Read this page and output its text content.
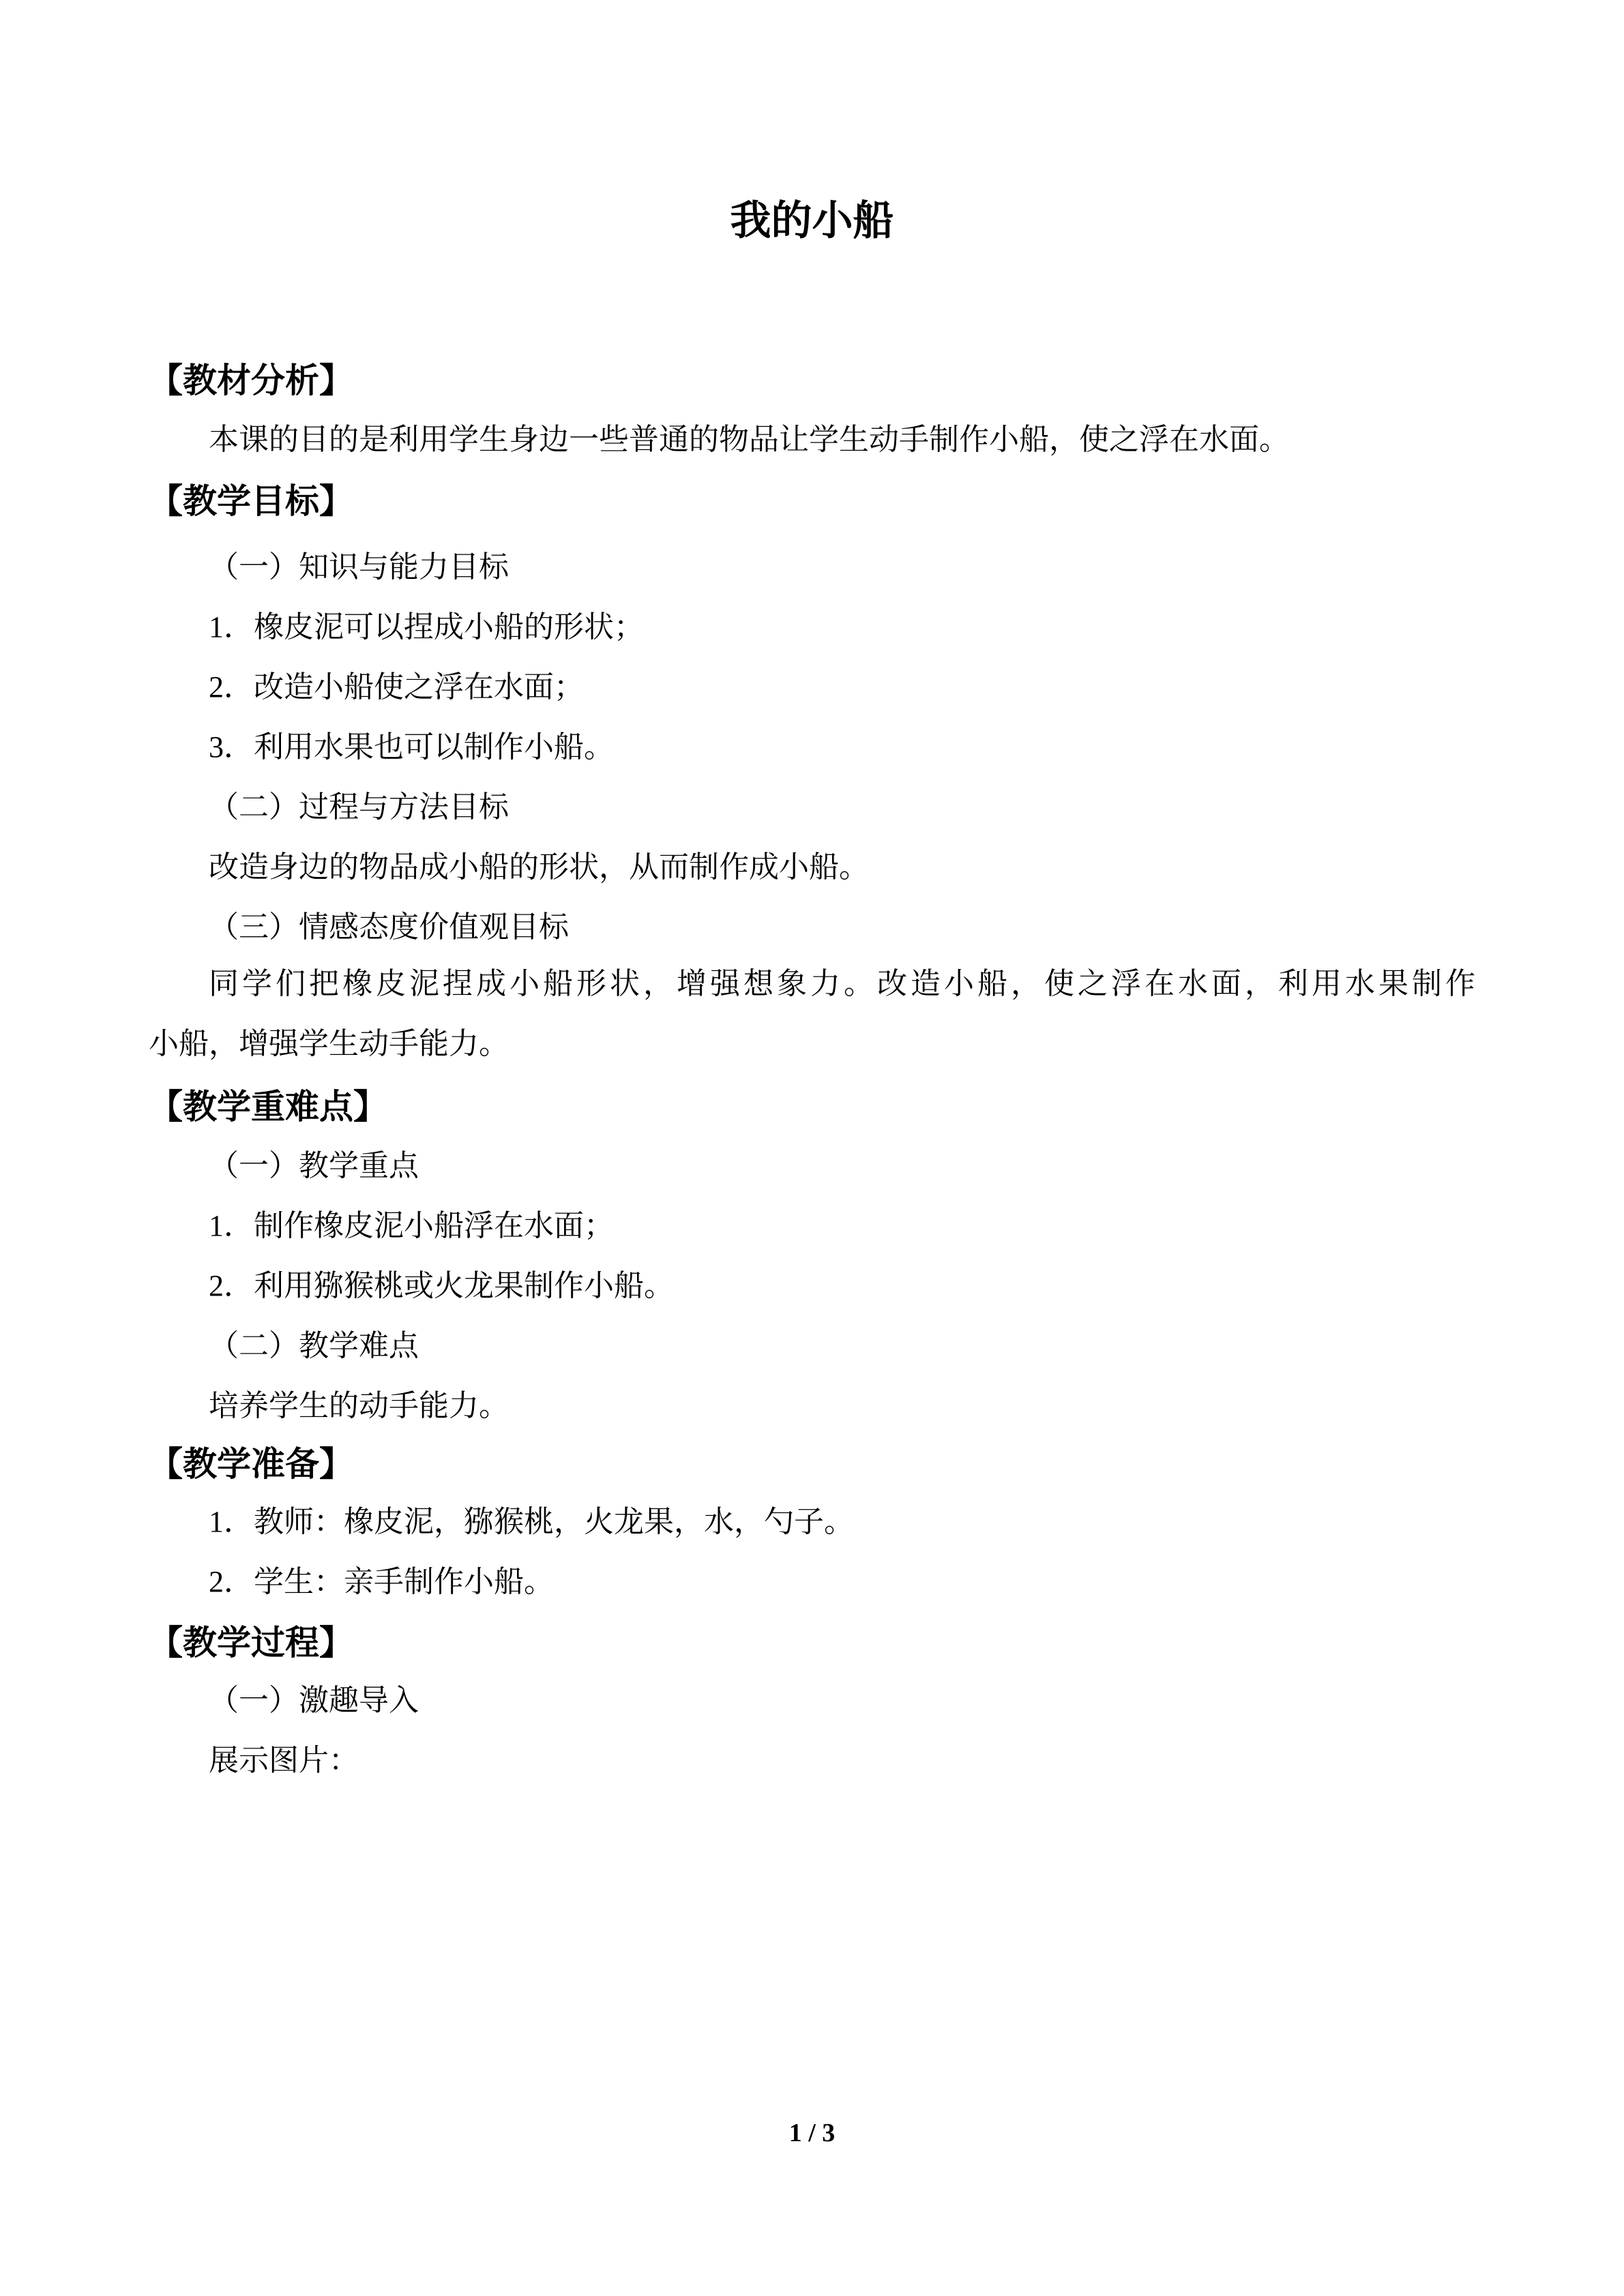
我的小船
【教材分析】
本课的目的是利用学生身边一些普通的物品让学生动手制作小船，使之浮在水面。
【教学目标】
（一）知识与能力目标
1．橡皮泥可以捏成小船的形状；
2．改造小船使之浮在水面；
3．利用水果也可以制作小船。
（二）过程与方法目标
改造身边的物品成小船的形状，从而制作成小船。
（三）情感态度价值观目标
同学们把橡皮泥捏成小船形状，增强想象力。改造小船，使之浮在水面，利用水果制作
小船，增强学生动手能力。
【教学重难点】
（一）教学重点
1．制作橡皮泥小船浮在水面；
2．利用猕猴桃或火龙果制作小船。
（二）教学难点
培养学生的动手能力。
【教学准备】
1．教师：橡皮泥，猕猴桃，火龙果，水，勺子。
2．学生：亲手制作小船。
【教学过程】
（一）激趣导入
展示图片：
1 / 3
